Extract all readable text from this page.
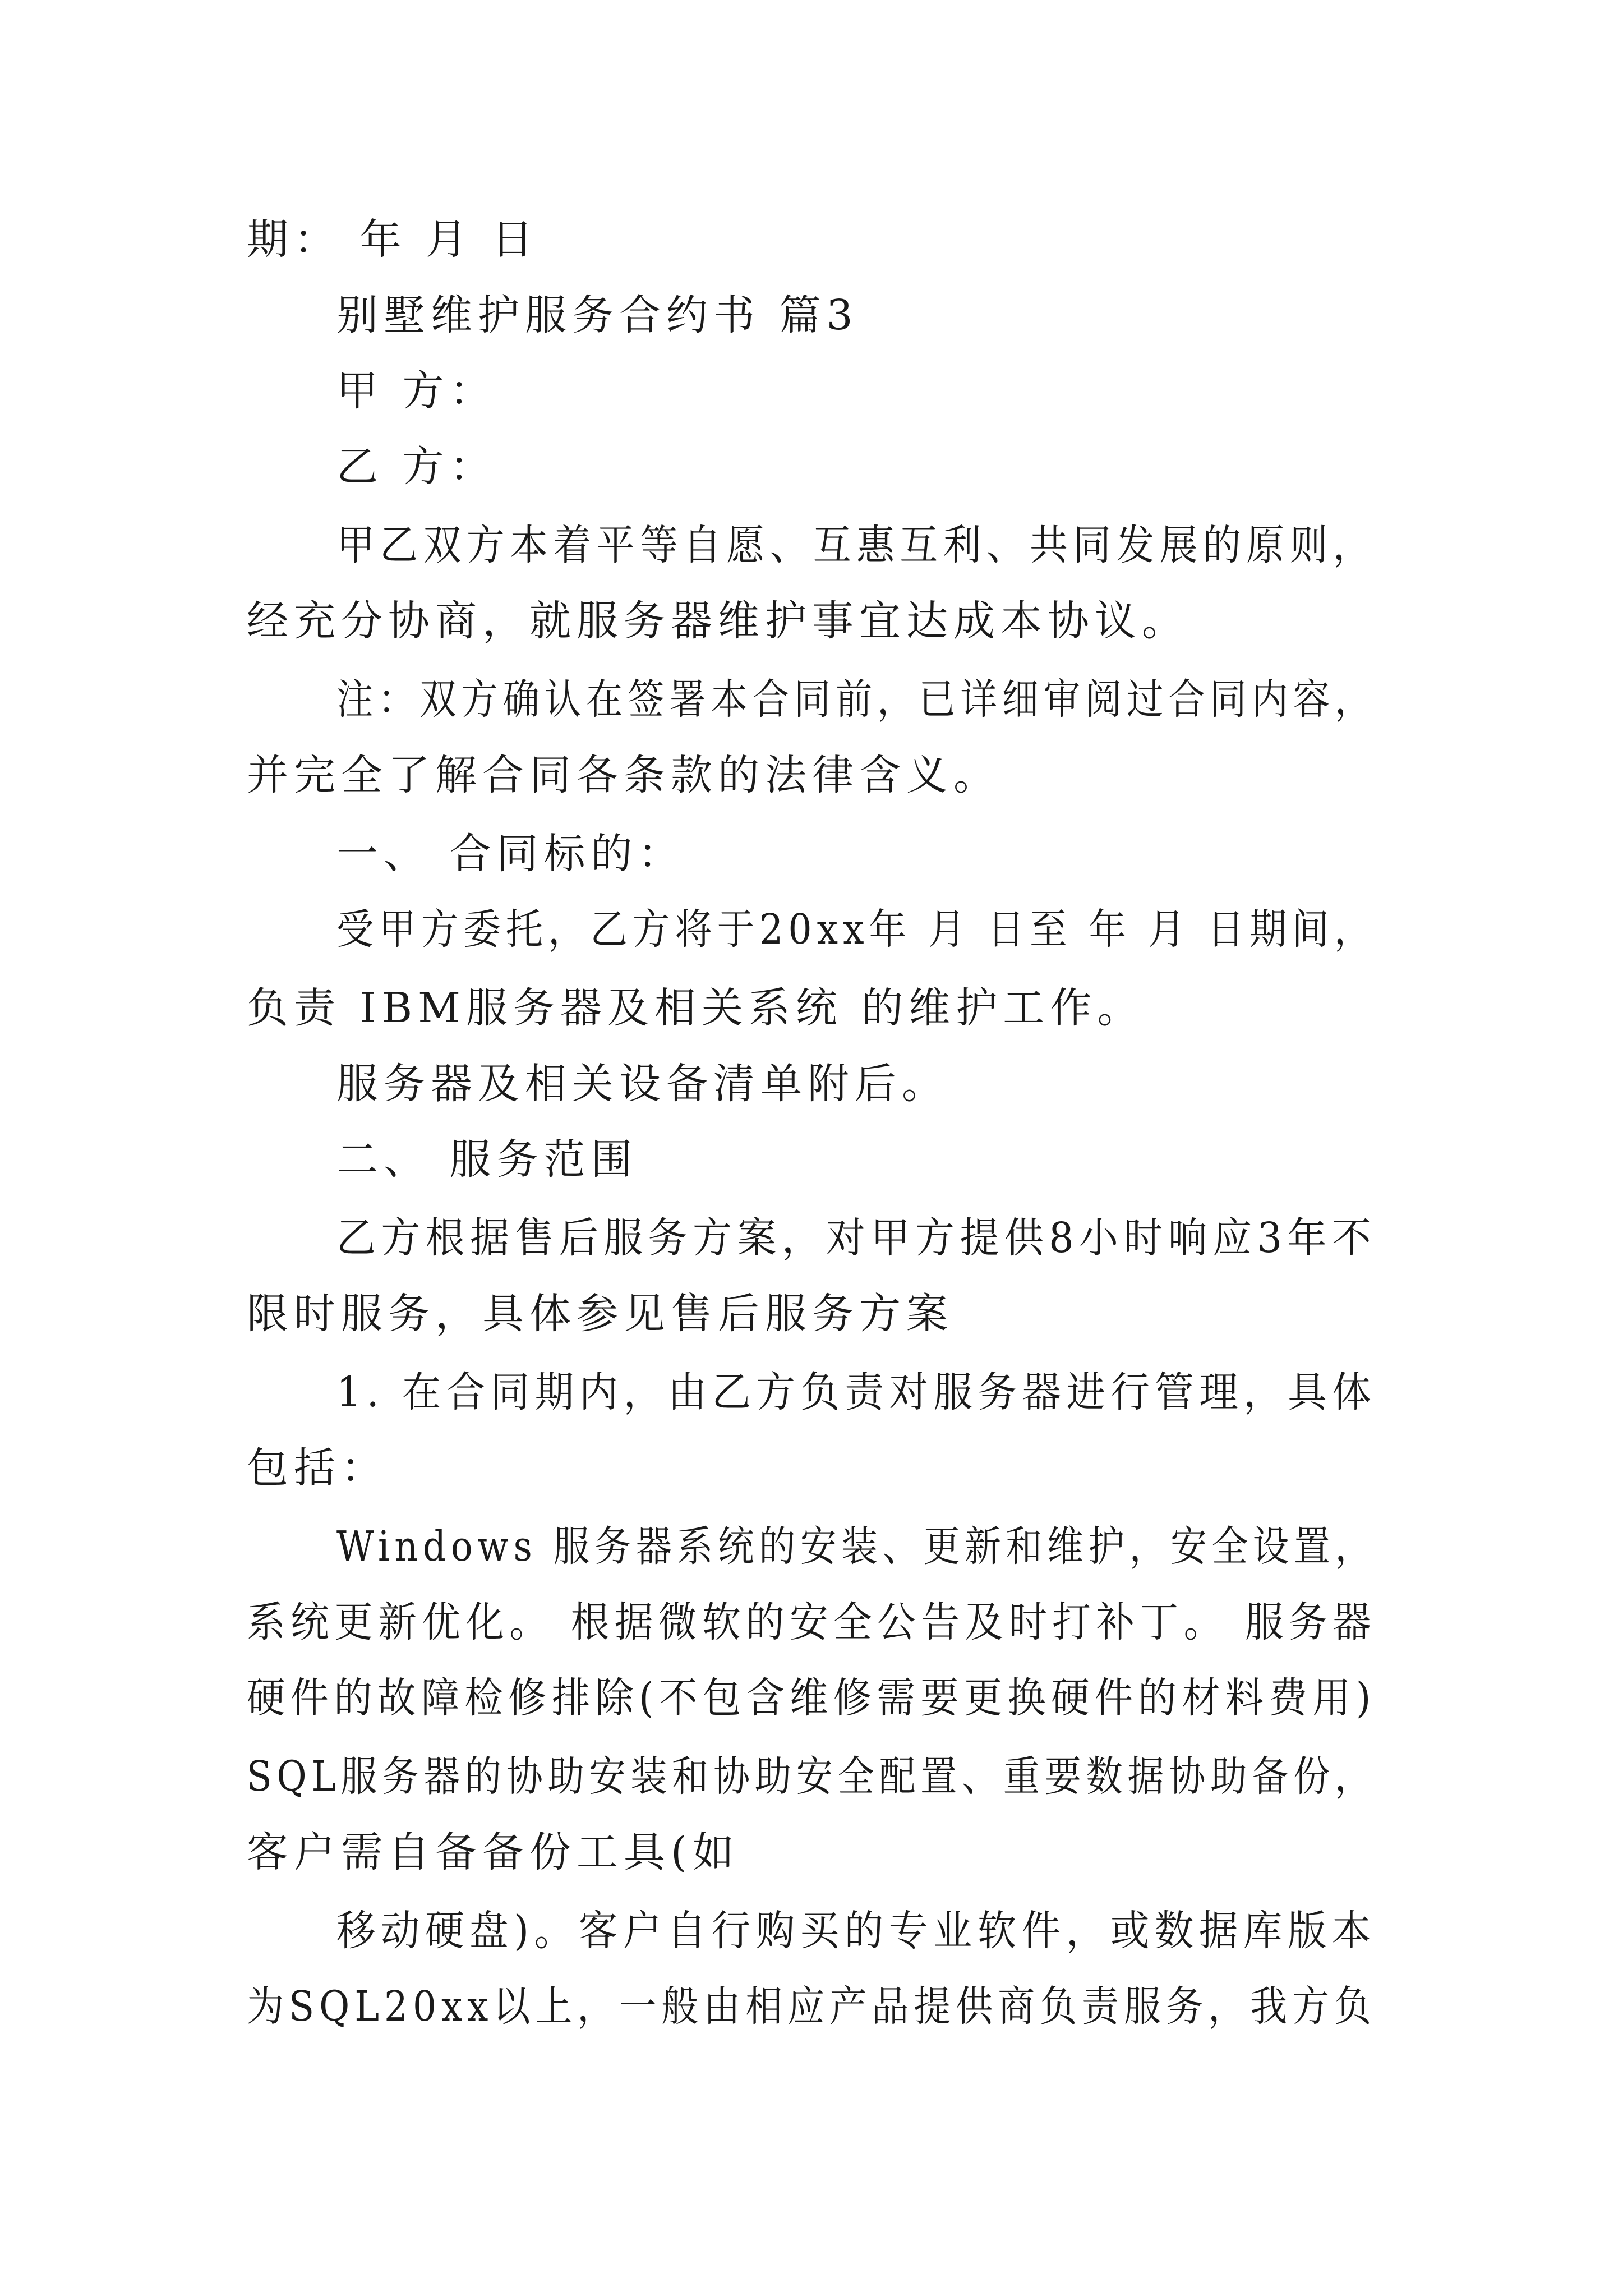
期： 年 月 日
别墅维护服务合约书 篇3
甲 方：
乙 方：
甲乙双方本着平等自愿、互惠互利、共同发展的原则，
经充分协商，就服务器维护事宜达成本协议。
注：双方确认在签署本合同前，已详细审阅过合同内容，
并完全了解合同各条款的法律含义。
一、 合同标的：
受甲方委托，乙方将于20xx年 月 日至 年 月 日期间，
负责 IBM服务器及相关系统 的维护工作。
服务器及相关设备清单附后。
二、 服务范围
乙方根据售后服务方案，对甲方提供8小时响应3年不
限时服务，具体参见售后服务方案
1. 在合同期内，由乙方负责对服务器进行管理，具体
包括：
Windows 服务器系统的安装、更新和维护，安全设置，
系统更新优化。 根据微软的安全公告及时打补丁。 服务器
硬件的故障检修排除(不包含维修需要更换硬件的材料费用)
SQL服务器的协助安装和协助安全配置、重要数据协助备份，
客户需自备备份工具(如
移动硬盘)。客户自行购买的专业软件，或数据库版本
为SQL20xx以上，一般由相应产品提供商负责服务，我方负
